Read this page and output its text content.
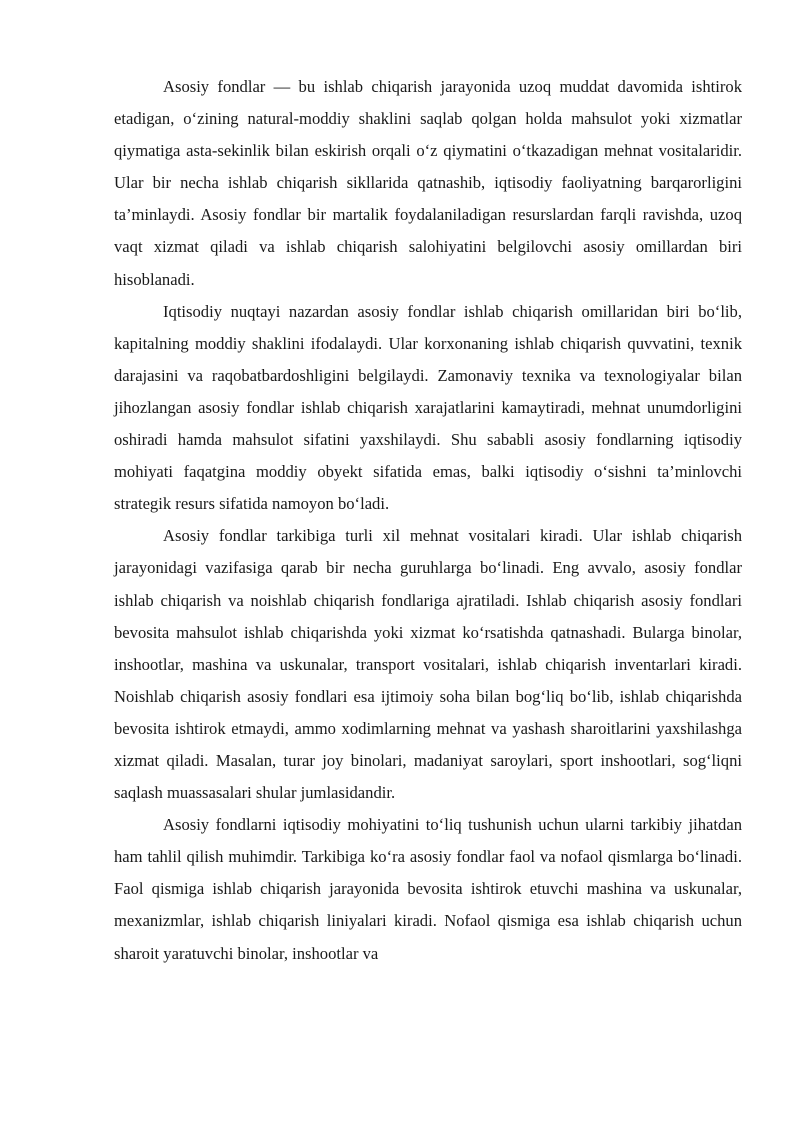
Asosiy fondlar — bu ishlab chiqarish jarayonida uzoq muddat davomida ishtirok etadigan, o‘zining natural-moddiy shaklini saqlab qolgan holda mahsulot yoki xizmatlar qiymatiga asta-sekinlik bilan eskirish orqali o‘z qiymatini o‘tkazadigan mehnat vositalaridir. Ular bir necha ishlab chiqarish sikllarida qatnashib, iqtisodiy faoliyatning barqarorligini ta’minlaydi. Asosiy fondlar bir martalik foydalaniladigan resurslardan farqli ravishda, uzoq vaqt xizmat qiladi va ishlab chiqarish salohiyatini belgilovchi asosiy omillardan biri hisoblanadi.

Iqtisodiy nuqtayi nazardan asosiy fondlar ishlab chiqarish omillaridan biri bo‘lib, kapitalning moddiy shaklini ifodalaydi. Ular korxonaning ishlab chiqarish quvvatini, texnik darajasini va raqobatbardoshligini belgilaydi. Zamonaviy texnika va texnologiyalar bilan jihozlangan asosiy fondlar ishlab chiqarish xarajatlarini kamaytiradi, mehnat unumdorligini oshiradi hamda mahsulot sifatini yaxshilaydi. Shu sababli asosiy fondlarning iqtisodiy mohiyati faqatgina moddiy obyekt sifatida emas, balki iqtisodiy o‘sishni ta’minlovchi strategik resurs sifatida namoyon bo‘ladi.

Asosiy fondlar tarkibiga turli xil mehnat vositalari kiradi. Ular ishlab chiqarish jarayonidagi vazifasiga qarab bir necha guruhlarga bo‘linadi. Eng avvalo, asosiy fondlar ishlab chiqarish va noishlab chiqarish fondlariga ajratiladi. Ishlab chiqarish asosiy fondlari bevosita mahsulot ishlab chiqarishda yoki xizmat ko‘rsatishda qatnashadi. Bularga binolar, inshootlar, mashina va uskunalar, transport vositalari, ishlab chiqarish inventarlari kiradi. Noishlab chiqarish asosiy fondlari esa ijtimoiy soha bilan bog‘liq bo‘lib, ishlab chiqarishda bevosita ishtirok etmaydi, ammo xodimlarning mehnat va yashash sharoitlarini yaxshilashga xizmat qiladi. Masalan, turar joy binolari, madaniyat saroylari, sport inshootlari, sog‘liqni saqlash muassasalari shular jumlasidandir.

Asosiy fondlarni iqtisodiy mohiyatini to‘liq tushunish uchun ularni tarkibiy jihatdan ham tahlil qilish muhimdir. Tarkibiga ko‘ra asosiy fondlar faol va nofaol qismlarga bo‘linadi. Faol qismiga ishlab chiqarish jarayonida bevosita ishtirok etuvchi mashina va uskunalar, mexanizmlar, ishlab chiqarish liniyalari kiradi. Nofaol qismiga esa ishlab chiqarish uchun sharoit yaratuvchi binolar, inshootlar va
